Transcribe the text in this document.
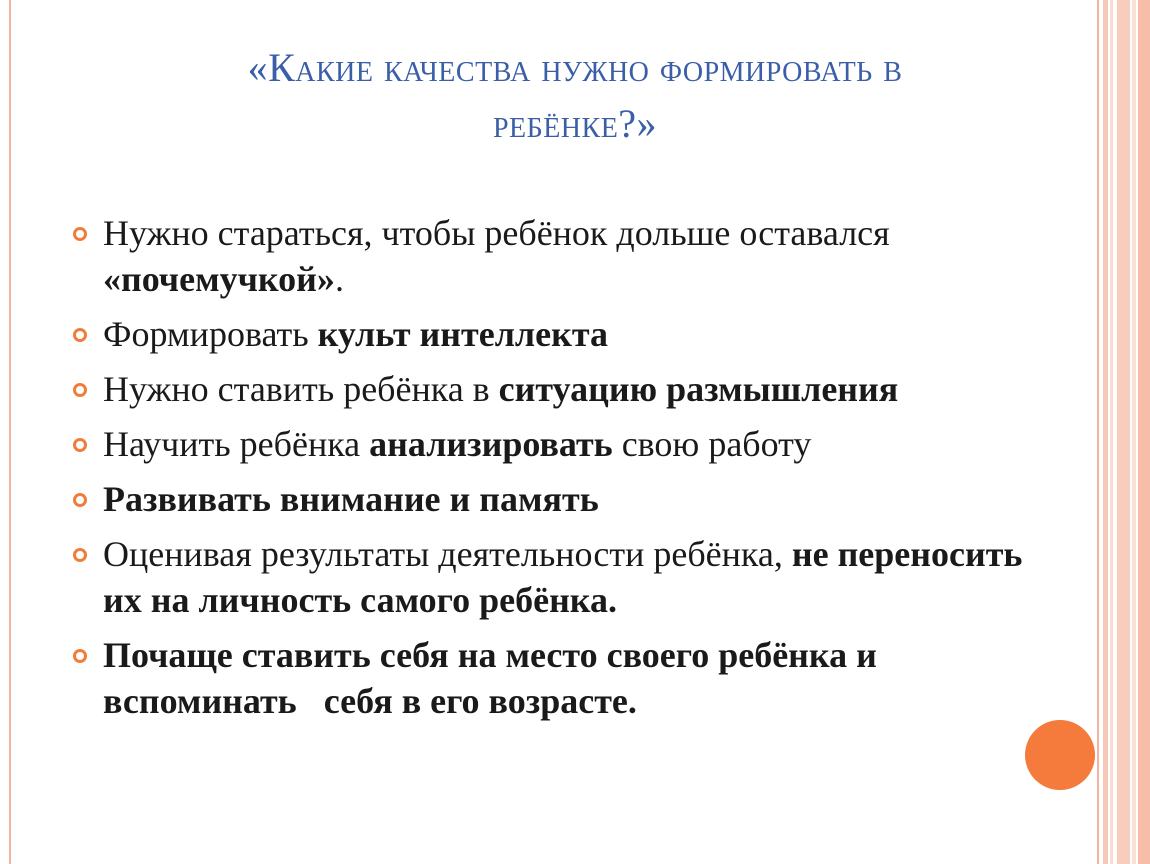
«Какие качества нужно формировать в
ребёнке?»
Нужно стараться, чтобы ребёнок дольше оставался «почемучкой».
Формировать культ интеллекта
Нужно ставить ребёнка в ситуацию размышления
Научить ребёнка анализировать свою работу
Развивать внимание и память
Оценивая результаты деятельности ребёнка, не переносить их на личность самого ребёнка.
Почаще ставить себя на место своего ребёнка и вспоминать   себя в его возрасте.
